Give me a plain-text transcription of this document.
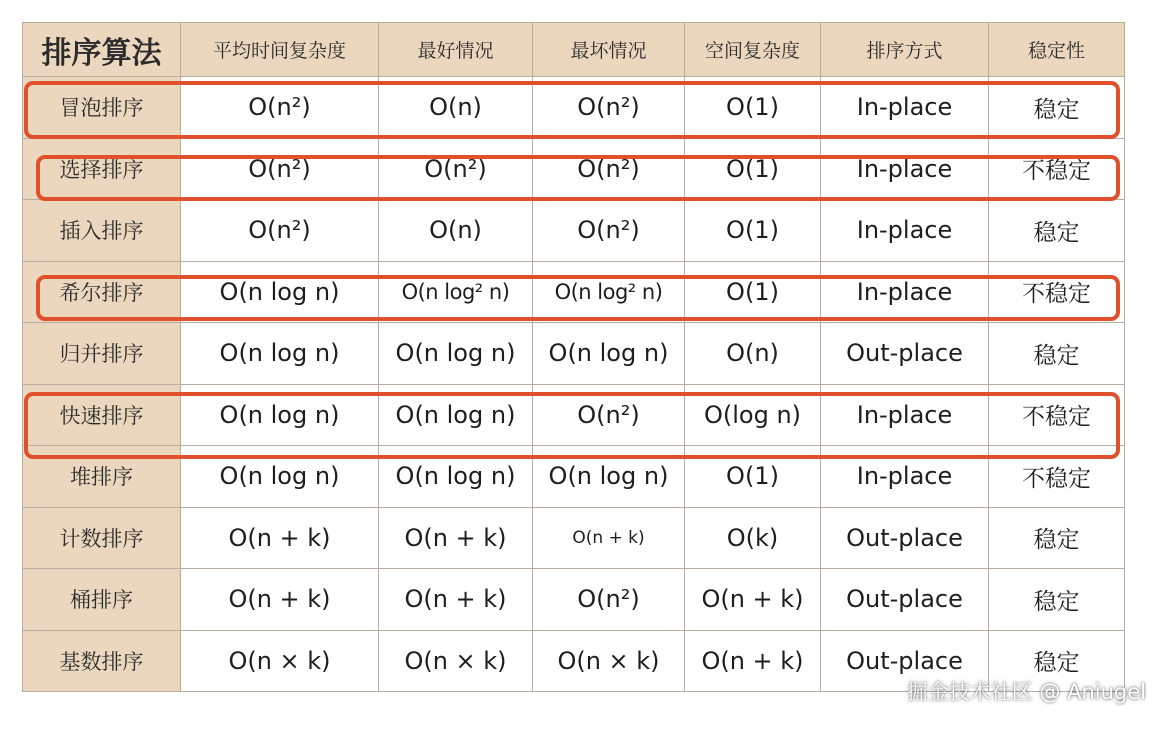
排序算法	平均时间复杂度	最好情况	最坏情况	空间复杂度	排序方式	稳定性
冒泡排序	O(n²)	O(n)	O(n²)	O(1)	In-place	稳定
选择排序	O(n²)	O(n²)	O(n²)	O(1)	In-place	不稳定
插入排序	O(n²)	O(n)	O(n²)	O(1)	In-place	稳定
希尔排序	O(n log n)	O(n log² n)	O(n log² n)	O(1)	In-place	不稳定
归并排序	O(n log n)	O(n log n)	O(n log n)	O(n)	Out-place	稳定
快速排序	O(n log n)	O(n log n)	O(n²)	O(log n)	In-place	不稳定
堆排序	O(n log n)	O(n log n)	O(n log n)	O(1)	In-place	不稳定
计数排序	O(n + k)	O(n + k)	O(n + k)	O(k)	Out-place	稳定
桶排序	O(n + k)	O(n + k)	O(n²)	O(n + k)	Out-place	稳定
基数排序	O(n × k)	O(n × k)	O(n × k)	O(n + k)	Out-place	稳定
掘金技术社区 @ Aniugel
